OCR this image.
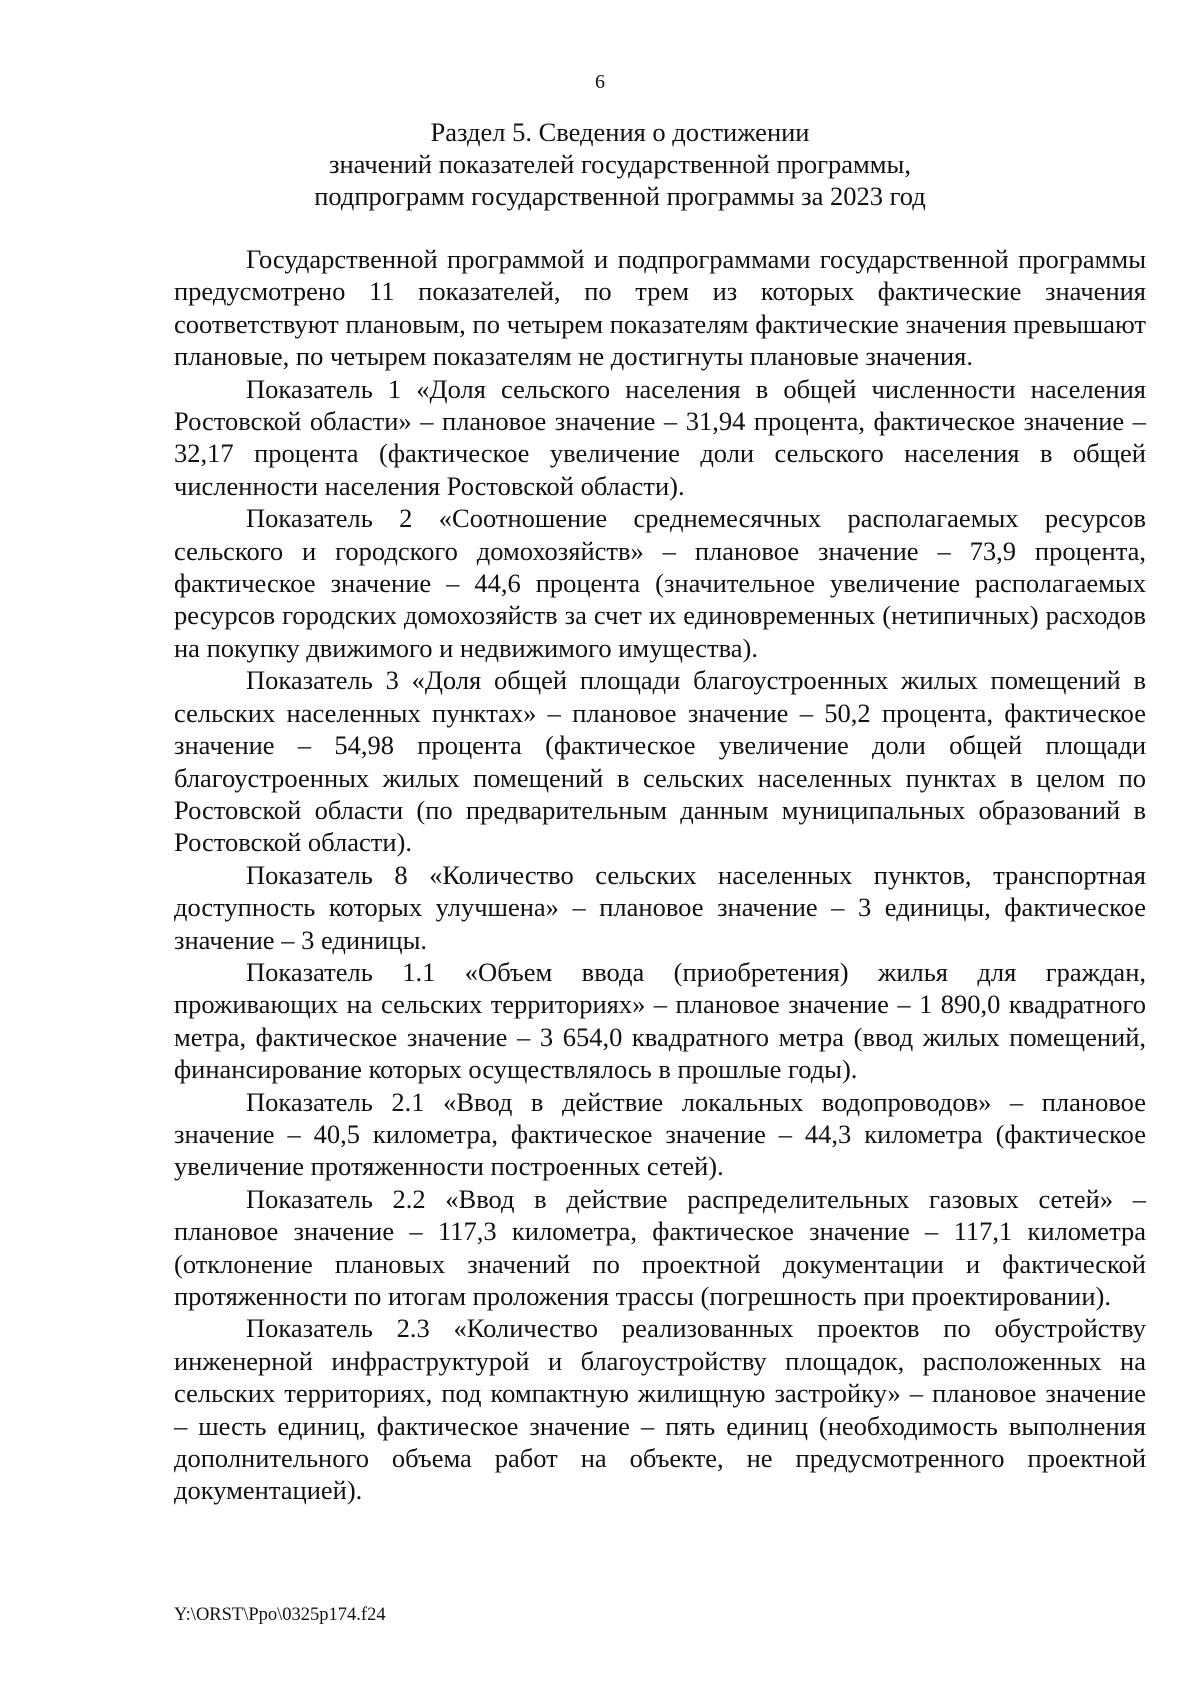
6
Раздел 5. Сведения о достижении
значений показателей государственной программы,
подпрограмм государственной программы за 2023 год

Государственной программой и подпрограммами государственной программы предусмотрено 11 показателей, по трем из которых фактические значения соответствуют плановым, по четырем показателям фактические значения превышают плановые, по четырем показателям не достигнуты плановые значения.

Показатель 1 «Доля сельского населения в общей численности населения Ростовской области» – плановое значение – 31,94 процента, фактическое значение – 32,17 процента (фактическое увеличение доли сельского населения в общей численности населения Ростовской области).

Показатель 2 «Соотношение среднемесячных располагаемых ресурсов сельского и городского домохозяйств» – плановое значение – 73,9 процента, фактическое значение – 44,6 процента (значительное увеличение располагаемых ресурсов городских домохозяйств за счет их единовременных (нетипичных) расходов на покупку движимого и недвижимого имущества).

Показатель 3 «Доля общей площади благоустроенных жилых помещений в сельских населенных пунктах» – плановое значение – 50,2 процента, фактическое значение – 54,98 процента (фактическое увеличение доли общей площади благоустроенных жилых помещений в сельских населенных пунктах в целом по Ростовской области (по предварительным данным муниципальных образований в Ростовской области).

Показатель 8 «Количество сельских населенных пунктов, транспортная доступность которых улучшена» – плановое значение – 3 единицы, фактическое значение – 3 единицы.

Показатель 1.1 «Объем ввода (приобретения) жилья для граждан, проживающих на сельских территориях» – плановое значение – 1 890,0 квадратного метра, фактическое значение – 3 654,0 квадратного метра (ввод жилых помещений, финансирование которых осуществлялось в прошлые годы).

Показатель 2.1 «Ввод в действие локальных водопроводов» – плановое значение – 40,5 километра, фактическое значение – 44,3 километра (фактическое увеличение протяженности построенных сетей).

Показатель 2.2 «Ввод в действие распределительных газовых сетей» – плановое значение – 117,3 километра, фактическое значение – 117,1 километра (отклонение плановых значений по проектной документации и фактической протяженности по итогам проложения трассы (погрешность при проектировании).

Показатель 2.3 «Количество реализованных проектов по обустройству инженерной инфраструктурой и благоустройству площадок, расположенных на сельских территориях, под компактную жилищную застройку» – плановое значение – шесть единиц, фактическое значение – пять единиц (необходимость выполнения дополнительного объема работ на объекте, не предусмотренного проектной документацией).

Y:\ORST\Ppo\0325p174.f24
